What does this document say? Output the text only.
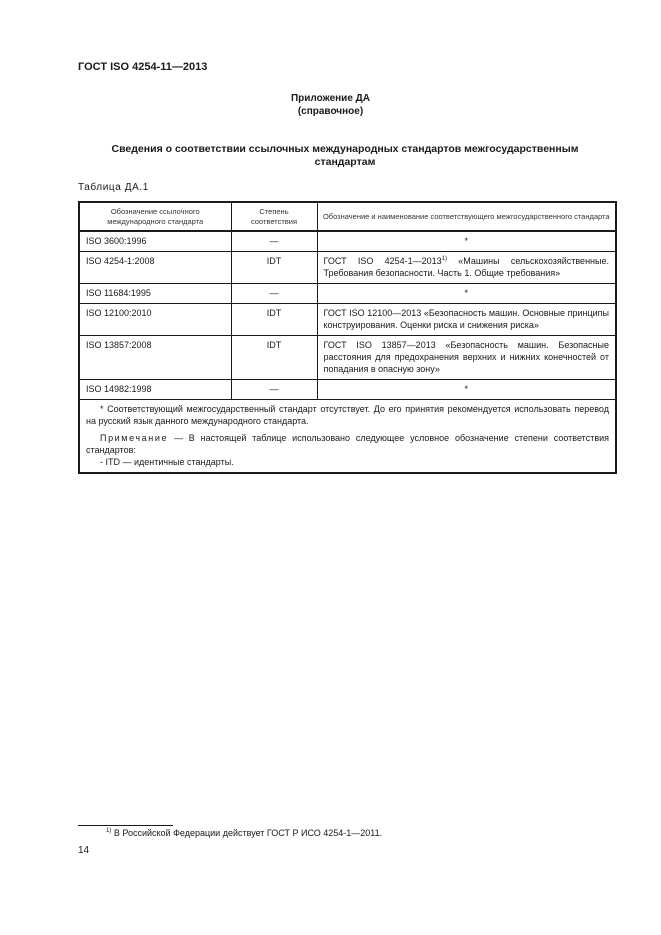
ГОСТ ISO 4254-11—2013
Приложение ДА
(справочное)
Сведения о соответствии ссылочных международных стандартов межгосударственным стандартам
Таблица ДА.1
Обозначение ссылочного международного стандарта	Степень соответствия	Обозначение и наименование соответствующего межгосударственного стандарта
ISO 3600:1996	—	*
ISO 4254-1:2008	IDT	ГОСТ ISO 4254-1—2013$^{1)}$ «Машины сельскохозяйственные. Требования безопасности. Часть 1. Общие требования»
ISO 11684:1995	—	*
ISO 12100:2010	IDT	ГОСТ ISO 12100—2013 «Безопасность машин. Основные принципы конструирования. Оценки риска и снижения риска»
ISO 13857:2008	IDT	ГОСТ ISO 13857—2013 «Безопасность машин. Безопасные расстояния для предохранения верхних и нижних конечностей от попадания в опасную зону»
ISO 14982:1998	—	*

* Соответствующий межгосударственный стандарт отсутствует. До его принятия рекомендуется использовать перевод на русский язык данного международного стандарта.
Примечание — В настоящей таблице использовано следующее условное обозначение степени соответствия стандартов:
- ITD — идентичные стандарты.		
$^{1)}$ В Российской Федерации действует ГОСТ Р ИСО 4254-1—2011.
14
